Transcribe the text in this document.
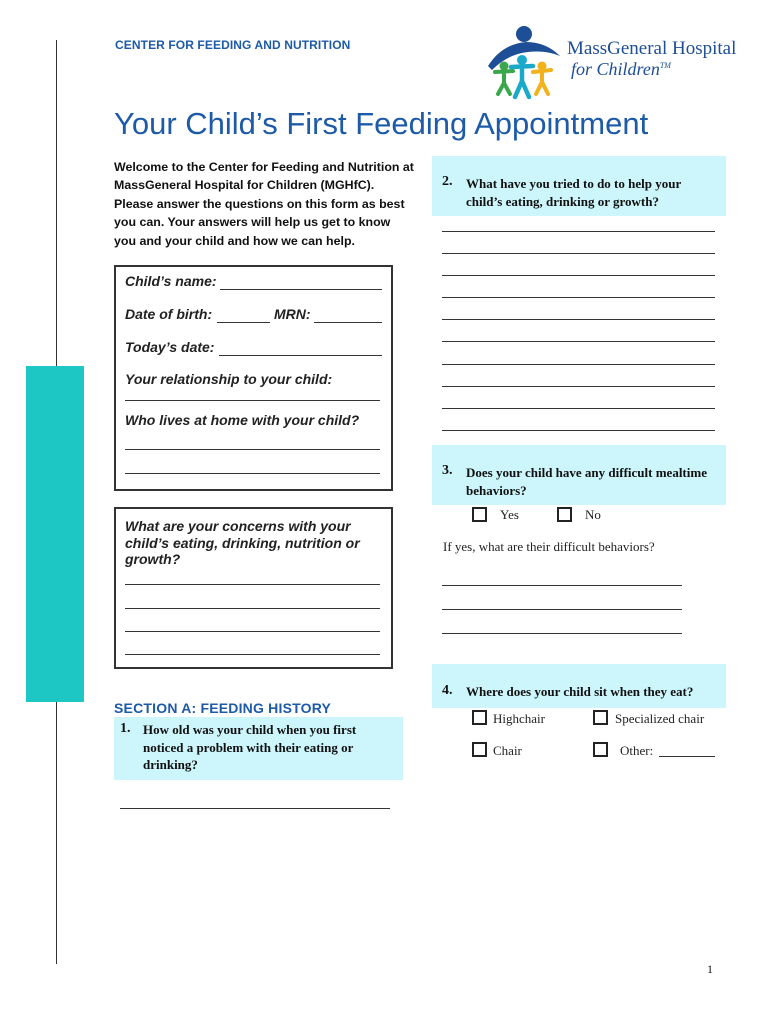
CENTER FOR FEEDING AND NUTRITION	MassGeneral Hospital
for Children™
Your Child’s First Feeding Appointment
Welcome to the Center for Feeding and Nutrition at MassGeneral Hospital for Children (MGHfC). Please answer the questions on this form as best you can. Your answers will help us get to know you and your child and how we can help.
Child’s name:
Date of birth:	MRN:
Today’s date:
Your relationship to your child:
Who lives at home with your child?
What are your concerns with your child’s eating, drinking, nutrition or growth?
SECTION A: FEEDING HISTORY
1. How old was your child when you first noticed a problem with their eating or drinking?
2. What have you tried to do to help your child’s eating, drinking or growth?
3. Does your child have any difficult mealtime behaviors?
Yes	No
If yes, what are their difficult behaviors?
4. Where does your child sit when they eat?
Highchair	Specialized chair
Chair	Other:
1
